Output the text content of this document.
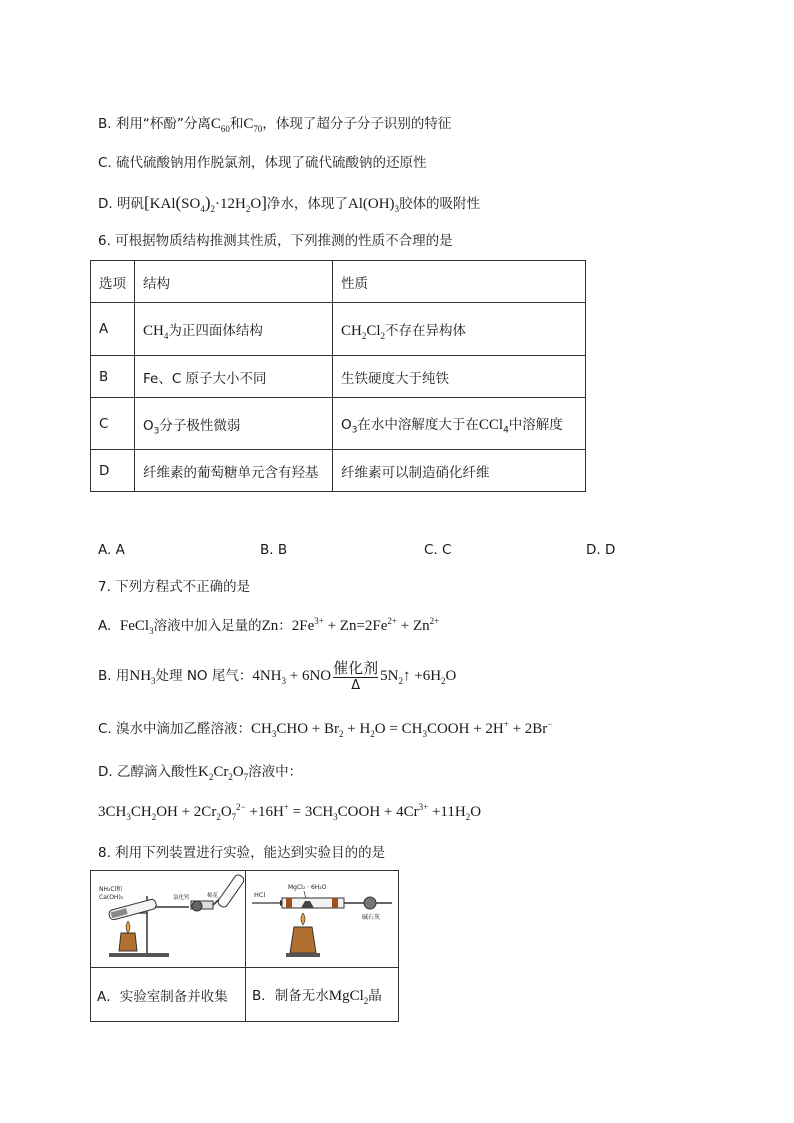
B. 利用“杯酚”分离$C_{60}$和$C_{70}$，体现了超分子分子识别的特征
C. 硫代硫酸钠用作脱氯剂，体现了硫代硫酸钠的还原性
D. 明矾$[KAl(SO_4)_2\cdot 12H_2O]$净水，体现了$Al(OH)_3$胶体的吸附性
6. 可根据物质结构推测其性质，下列推测的性质不合理的是
选项	结构	性质
A	$CH_4$为正四面体结构	$CH_2Cl_2$不存在异构体
B	Fe、C 原子大小不同	生铁硬度大于纯铁
C	$O_3$分子极性微弱	$O_3$在水中溶解度大于在CCl$_4$中溶解度
D	纤维素的葡萄糖单元含有羟基	纤维素可以制造硝化纤维
A. A	B. B	C. C	D. D
7. 下列方程式不正确的是
A. FeCl$_3$溶液中加入足量的Zn：$2Fe^{3+} + Zn=2Fe^{2+} + Zn^{2+}$
B. 用$NH_3$处理 NO 尾气：$4NH_3 + 6NO$ 催化剂
Δ
$5N_2↑ +6H_2O$
C. 溴水中滴加乙醛溶液：$CH_3CHO + Br_2 + H_2O$ = $CH_3COOH + 2H^+ + 2Br^-$
D. 乙醇滴入酸性$K_2Cr_2O_7$溶液中：
$3CH_3CH_2OH + 2Cr_2O_7^{2-} +16H^+$ = $3CH_3COOH + 4Cr^{3+} +11H_2O$
8. 利用下列装置进行实验，能达到实验目的的是
NH₄Cl和
Ca(OH)₂ 氯化钙 棉花	HCl
MgCl₂ · 6H₂O
碱石灰

A．实验室制备并收集	B．制备无水MgCl$_2$晶
